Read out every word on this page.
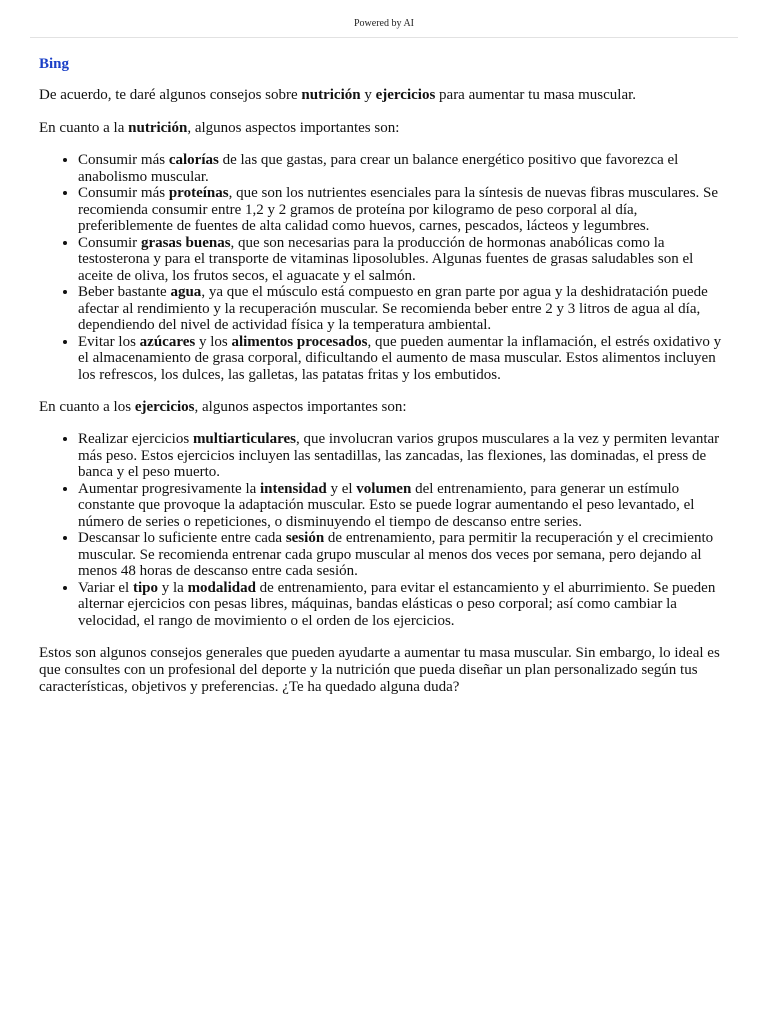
Powered by AI
Bing

De acuerdo, te daré algunos consejos sobre nutrición y ejercicios para aumentar tu masa muscular.

En cuanto a la nutrición, algunos aspectos importantes son:

• Consumir más calorías de las que gastas, para crear un balance energético positivo que favorezca el anabolismo muscular.
• Consumir más proteínas, que son los nutrientes esenciales para la síntesis de nuevas fibras musculares. Se recomienda consumir entre 1,2 y 2 gramos de proteína por kilogramo de peso corporal al día, preferiblemente de fuentes de alta calidad como huevos, carnes, pescados, lácteos y legumbres.
• Consumir grasas buenas, que son necesarias para la producción de hormonas anabólicas como la testosterona y para el transporte de vitaminas liposolubles. Algunas fuentes de grasas saludables son el aceite de oliva, los frutos secos, el aguacate y el salmón.
• Beber bastante agua, ya que el músculo está compuesto en gran parte por agua y la deshidratación puede afectar al rendimiento y la recuperación muscular. Se recomienda beber entre 2 y 3 litros de agua al día, dependiendo del nivel de actividad física y la temperatura ambiental.
• Evitar los azúcares y los alimentos procesados, que pueden aumentar la inflamación, el estrés oxidativo y el almacenamiento de grasa corporal, dificultando el aumento de masa muscular. Estos alimentos incluyen los refrescos, los dulces, las galletas, las patatas fritas y los embutidos.

En cuanto a los ejercicios, algunos aspectos importantes son:

• Realizar ejercicios multiarticulares, que involucran varios grupos musculares a la vez y permiten levantar más peso. Estos ejercicios incluyen las sentadillas, las zancadas, las flexiones, las dominadas, el press de banca y el peso muerto.
• Aumentar progresivamente la intensidad y el volumen del entrenamiento, para generar un estímulo constante que provoque la adaptación muscular. Esto se puede lograr aumentando el peso levantado, el número de series o repeticiones, o disminuyendo el tiempo de descanso entre series.
• Descansar lo suficiente entre cada sesión de entrenamiento, para permitir la recuperación y el crecimiento muscular. Se recomienda entrenar cada grupo muscular al menos dos veces por semana, pero dejando al menos 48 horas de descanso entre cada sesión.
• Variar el tipo y la modalidad de entrenamiento, para evitar el estancamiento y el aburrimiento. Se pueden alternar ejercicios con pesas libres, máquinas, bandas elásticas o peso corporal; así como cambiar la velocidad, el rango de movimiento o el orden de los ejercicios.

Estos son algunos consejos generales que pueden ayudarte a aumentar tu masa muscular. Sin embargo, lo ideal es que consultes con un profesional del deporte y la nutrición que pueda diseñar un plan personalizado según tus características, objetivos y preferencias. ¿Te ha quedado alguna duda?
